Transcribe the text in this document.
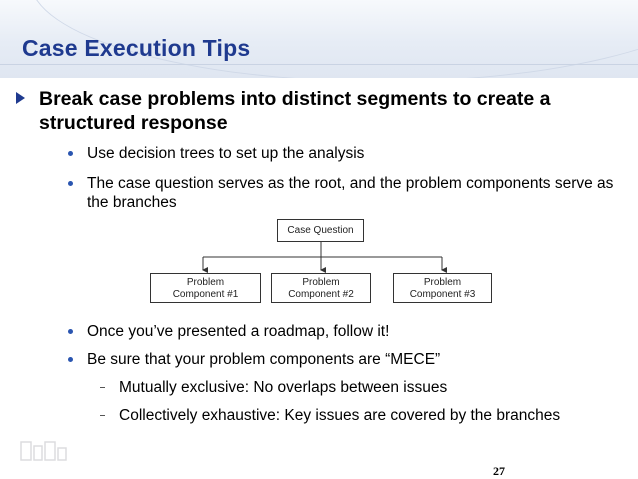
Case Execution Tips
Break case problems into distinct segments to create a structured response
Use decision trees to set up the analysis
The case question serves as the root, and the problem components serve as the branches
Case Question
Problem
Component #1
Problem
Component #2
Problem
Component #3
Once you’ve presented a roadmap, follow it!
Be sure that your problem components are “MECE”
Mutually exclusive: No overlaps between issues
Collectively exhaustive: Key issues are covered by the branches
27
